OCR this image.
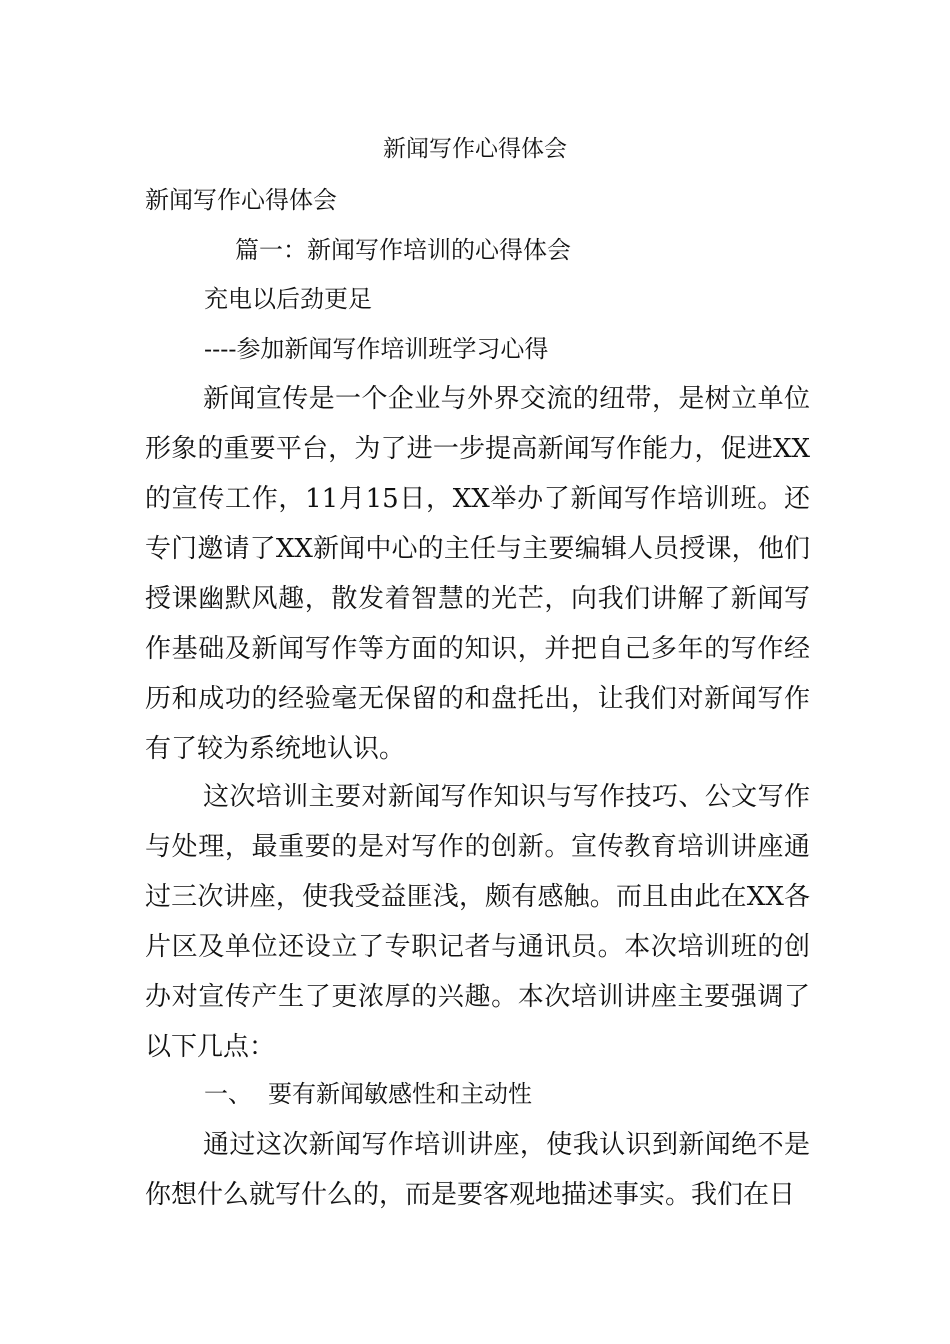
新闻写作心得体会
新闻写作心得体会
篇一：新闻写作培训的心得体会
充电以后劲更足
----参加新闻写作培训班学习心得
新闻宣传是一个企业与外界交流的纽带，是树立单位形象的重要平台，为了进一步提高新闻写作能力，促进XX的宣传工作，11月15日，XX举办了新闻写作培训班。还专门邀请了XX新闻中心的主任与主要编辑人员授课，他们授课幽默风趣，散发着智慧的光芒，向我们讲解了新闻写作基础及新闻写作等方面的知识，并把自己多年的写作经历和成功的经验毫无保留的和盘托出，让我们对新闻写作有了较为系统地认识。
这次培训主要对新闻写作知识与写作技巧、公文写作与处理，最重要的是对写作的创新。宣传教育培训讲座通过三次讲座，使我受益匪浅，颇有感触。而且由此在XX各片区及单位还设立了专职记者与通讯员。本次培训班的创办对宣传产生了更浓厚的兴趣。本次培训讲座主要强调了以下几点：
一、 要有新闻敏感性和主动性
通过这次新闻写作培训讲座，使我认识到新闻绝不是你想什么就写什么的，而是要客观地描述事实。我们在日
